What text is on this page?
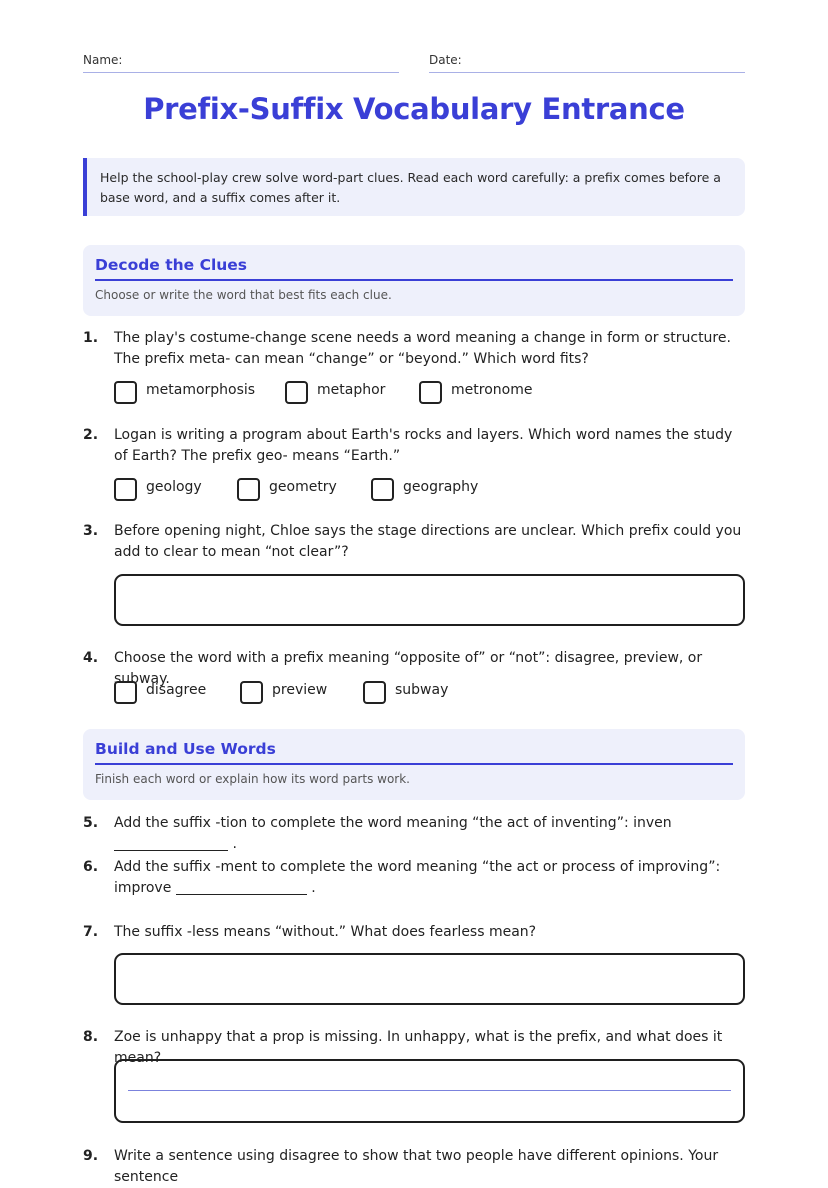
Name:	Date:
Prefix-Suffix Vocabulary Entrance
Help the school-play crew solve word-part clues. Read each word carefully: a prefix comes before a base word, and a suffix comes after it.
Decode the Clues
Choose or write the word that best fits each clue.
1. The play's costume-change scene needs a word meaning a change in form or structure. The prefix meta- can mean “change” or “beyond.” Which word fits?
metamorphosis	metaphor	metronome
2. Logan is writing a program about Earth's rocks and layers. Which word names the study of Earth? The prefix geo- means “Earth.”
geology	geometry	geography
3. Before opening night, Chloe says the stage directions are unclear. Which prefix could you add to clear to mean “not clear”?
4. Choose the word with a prefix meaning “opposite of” or “not”: disagree, preview, or subway.
disagree	preview	subway
Build and Use Words
Finish each word or explain how its word parts work.
5. Add the suffix -tion to complete the word meaning “the act of inventing”: inven  .
6. Add the suffix -ment to complete the word meaning “the act or process of improving”: improve	.
7. The suffix -less means “without.” What does fearless mean?
8. Zoe is unhappy that a prop is missing. In unhappy, what is the prefix, and what does it mean?
9. Write a sentence using disagree to show that two people have different opinions. Your sentence
